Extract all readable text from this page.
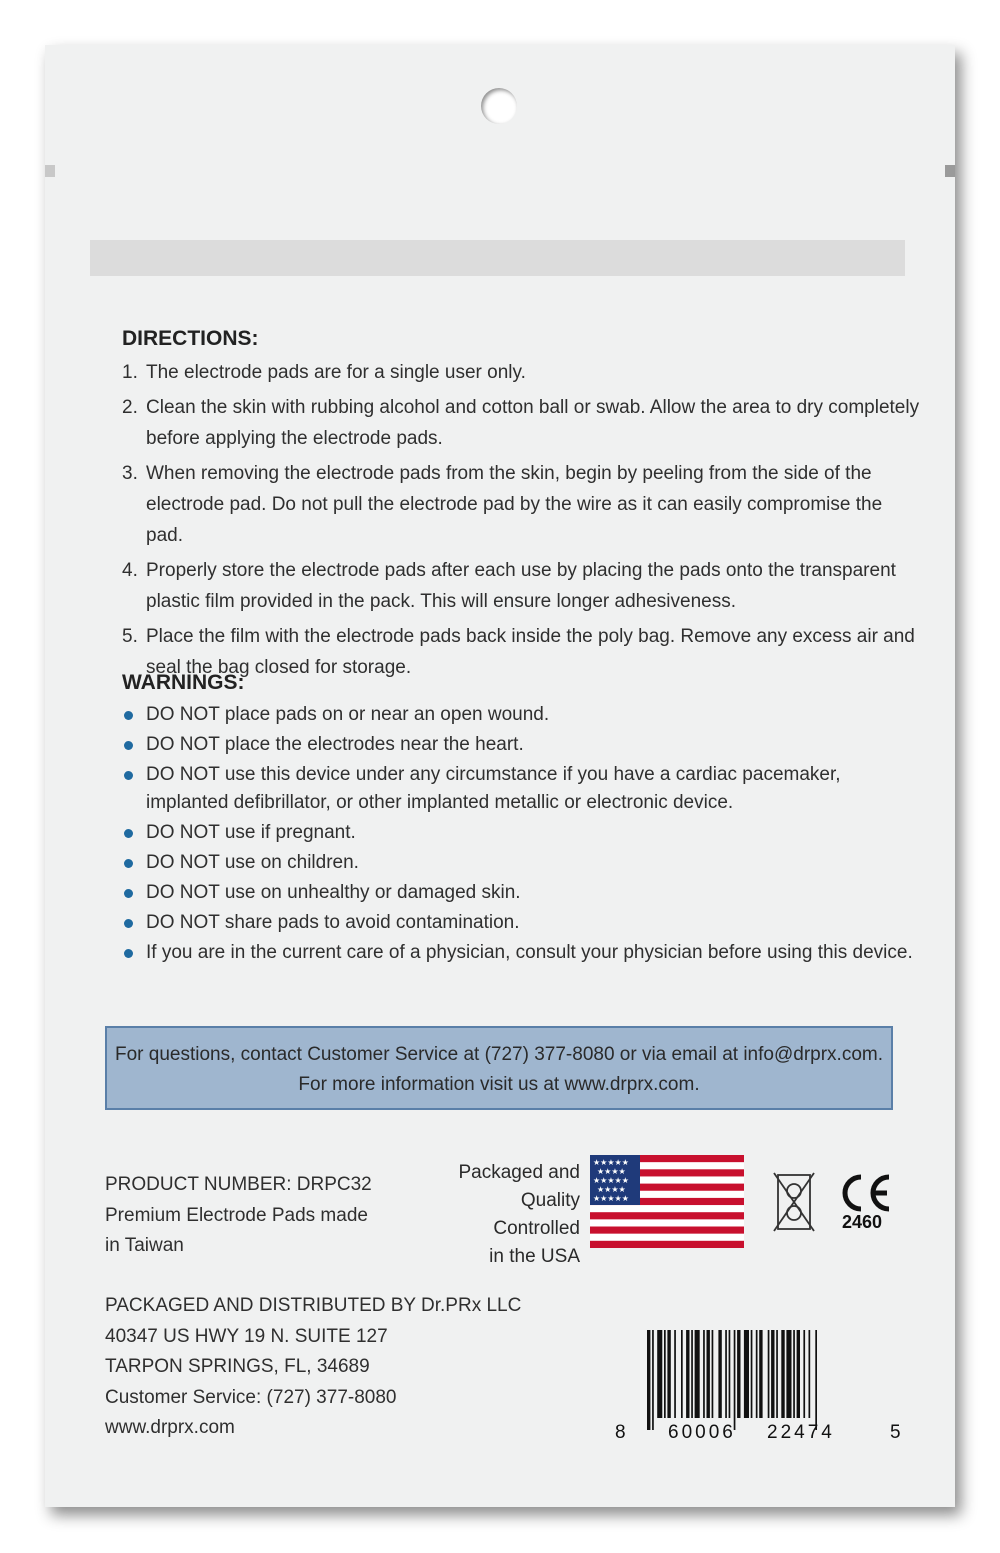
DIRECTIONS:
1. The electrode pads are for a single user only.
2. Clean the skin with rubbing alcohol and cotton ball or swab. Allow the area to dry completely before applying the electrode pads.
3. When removing the electrode pads from the skin, begin by peeling from the side of the electrode pad. Do not pull the electrode pad by the wire as it can easily compromise the pad.
4. Properly store the electrode pads after each use by placing the pads onto the transparent plastic film provided in the pack. This will ensure longer adhesiveness.
5. Place the film with the electrode pads back inside the poly bag. Remove any excess air and seal the bag closed for storage.
WARNINGS:
DO NOT place pads on or near an open wound.
DO NOT place the electrodes near the heart.
DO NOT use this device under any circumstance if you have a cardiac pacemaker, implanted defibrillator, or other implanted metallic or electronic device.
DO NOT use if pregnant.
DO NOT use on children.
DO NOT use on unhealthy or damaged skin.
DO NOT share pads to avoid contamination.
If you are in the current care of a physician, consult your physician before using this device.
For questions, contact Customer Service at (727) 377-8080 or via email at info@drprx.com.
For more information visit us at www.drprx.com.
PRODUCT NUMBER: DRPC32
Premium Electrode Pads made
in Taiwan
Packaged and
Quality Controlled
in the USA
★★★★★
★★★★
★★★★★
★★★★
★★★★★
2460
PACKAGED AND DISTRIBUTED BY Dr.PRx LLC
40347 US HWY 19 N. SUITE 127
TARPON SPRINGS, FL, 34689
Customer Service: (727) 377-8080
www.drprx.com	8 60006 22474	5
